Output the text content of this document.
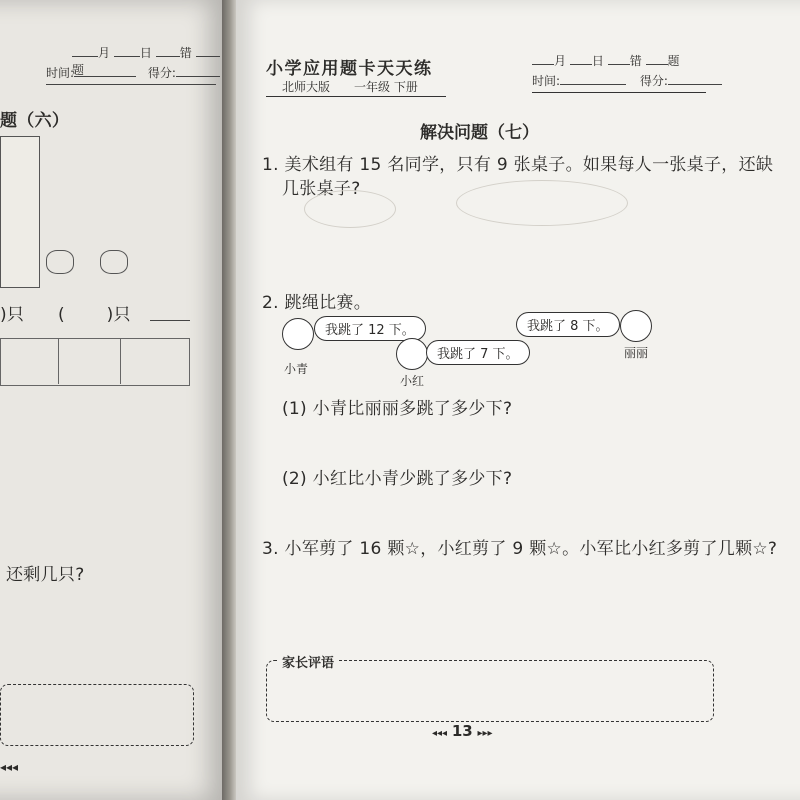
月 日 错 题
时间:	得分:
题（六）
)只 ( )只
还剩几只?
◂◂◂
小学应用题卡天天练
北师大版 一年级 下册
月 日 错 题
时间:	得分:
解决问题（七）
1. 美术组有 15 名同学，只有 9 张桌子。如果每人一张桌子，还缺
几张桌子?
2. 跳绳比赛。
我跳了 12 下。
小青
我跳了 7 下。
小红
我跳了 8 下。
丽丽
(1) 小青比丽丽多跳了多少下?
(2) 小红比小青少跳了多少下?
3. 小军剪了 16 颗☆，小红剪了 9 颗☆。小军比小红多剪了几颗☆?
家长评语
◂◂◂ 13 ▸▸▸
